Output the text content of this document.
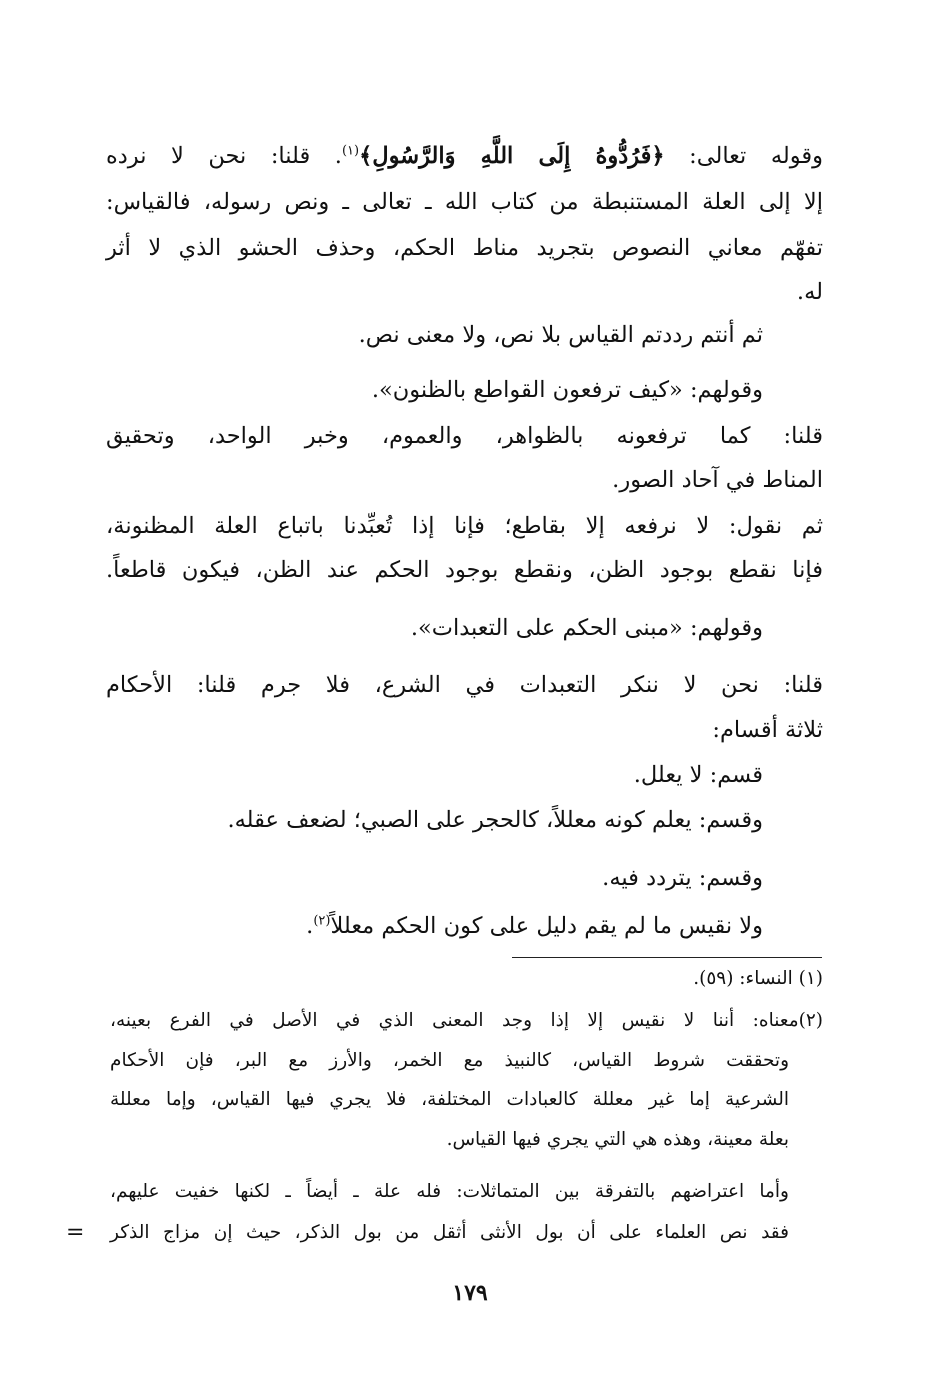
وقوله تعالى: ﴿فَرُدُّوهُ إِلَى اللَّهِ وَالرَّسُولِ﴾$^{(١)}$. قلنا: نحن لا نرده
إلا إلى العلة المستنبطة من كتاب الله ـ تعالى ـ ونص رسوله، فالقياس:
تفهّم معاني النصوص بتجريد مناط الحكم، وحذف الحشو الذي لا أثر
له.
ثم أنتم رددتم القياس بلا نص، ولا معنى نص.
وقولهم: «كيف ترفعون القواطع بالظنون».
قلنا: كما ترفعونه بالظواهر، والعموم، وخبر الواحد، وتحقيق
المناط في آحاد الصور.
ثم نقول: لا نرفعه إلا بقاطع؛ فإنا إذا تُعبِّدنا باتباع العلة المظنونة،
فإنا نقطع بوجود الظن، ونقطع بوجود الحكم عند الظن، فيكون قاطعاً.
وقولهم: «مبنى الحكم على التعبدات».
قلنا: نحن لا ننكر التعبدات في الشرع، فلا جرم قلنا: الأحكام
ثلاثة أقسام:
قسم: لا يعلل.
وقسم: يعلم كونه معللاً، كالحجر على الصبي؛ لضعف عقله.
وقسم: يتردد فيه.
ولا نقيس ما لم يقم دليل على كون الحكم معللاً$^{(٢)}$.
(١) النساء: (٥٩).
(٢)معناه: أننا لا نقيس إلا إذا وجد المعنى الذي في الأصل في الفرع بعينه،
وتحققت شروط القياس، كالنبيذ مع الخمر، والأرز مع البر، فإن الأحكام
الشرعية إما غير معللة كالعبادات المختلفة، فلا يجري فيها القياس، وإما معللة
بعلة معينة، وهذه هي التي يجري فيها القياس.
وأما اعتراضهم بالتفرقة بين المتماثلات: فله علة ـ أيضاً ـ لكنها خفيت عليهم،
فقد نص العلماء على أن بول الأنثى أثقل من بول الذكر، حيث إن مزاج الذكر
=
١٧٩
